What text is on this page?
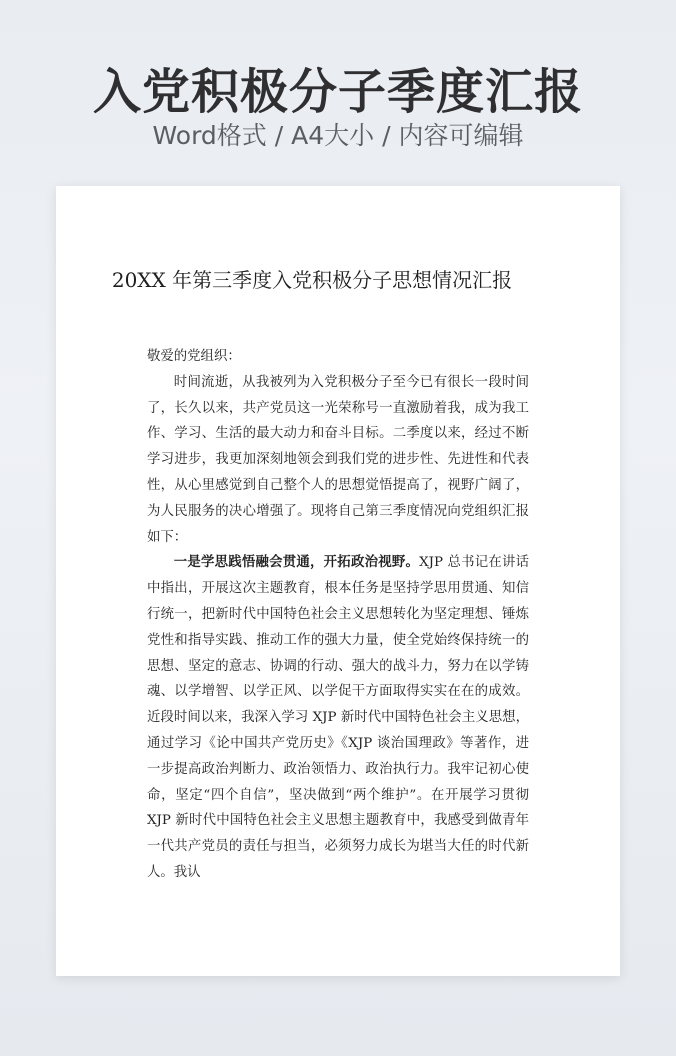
入党积极分子季度汇报
Word格式 / A4大小 / 内容可编辑
20XX 年第三季度入党积极分子思想情况汇报

敬爱的党组织：

时间流逝，从我被列为入党积极分子至今已有很长一段时间了，长久以来，共产党员这一光荣称号一直激励着我，成为我工作、学习、生活的最大动力和奋斗目标。二季度以来，经过不断学习进步，我更加深刻地领会到我们党的进步性、先进性和代表性，从心里感觉到自己整个人的思想觉悟提高了，视野广阔了，为人民服务的决心增强了。现将自己第三季度情况向党组织汇报如下：

一是学思践悟融会贯通，开拓政治视野。XJP 总书记在讲话中指出，开展这次主题教育，根本任务是坚持学思用贯通、知信行统一，把新时代中国特色社会主义思想转化为坚定理想、锤炼党性和指导实践、推动工作的强大力量，使全党始终保持统一的思想、坚定的意志、协调的行动、强大的战斗力，努力在以学铸魂、以学增智、以学正风、以学促干方面取得实实在在的成效。近段时间以来，我深入学习 XJP 新时代中国特色社会主义思想，通过学习《论中国共产党历史》《XJP 谈治国理政》等著作，进一步提高政治判断力、政治领悟力、政治执行力。我牢记初心使命，坚定“四个自信”，坚决做到“两个维护”。在开展学习贯彻 XJP 新时代中国特色社会主义思想主题教育中，我感受到做青年一代共产党员的责任与担当，必须努力成长为堪当大任的时代新人。我认
